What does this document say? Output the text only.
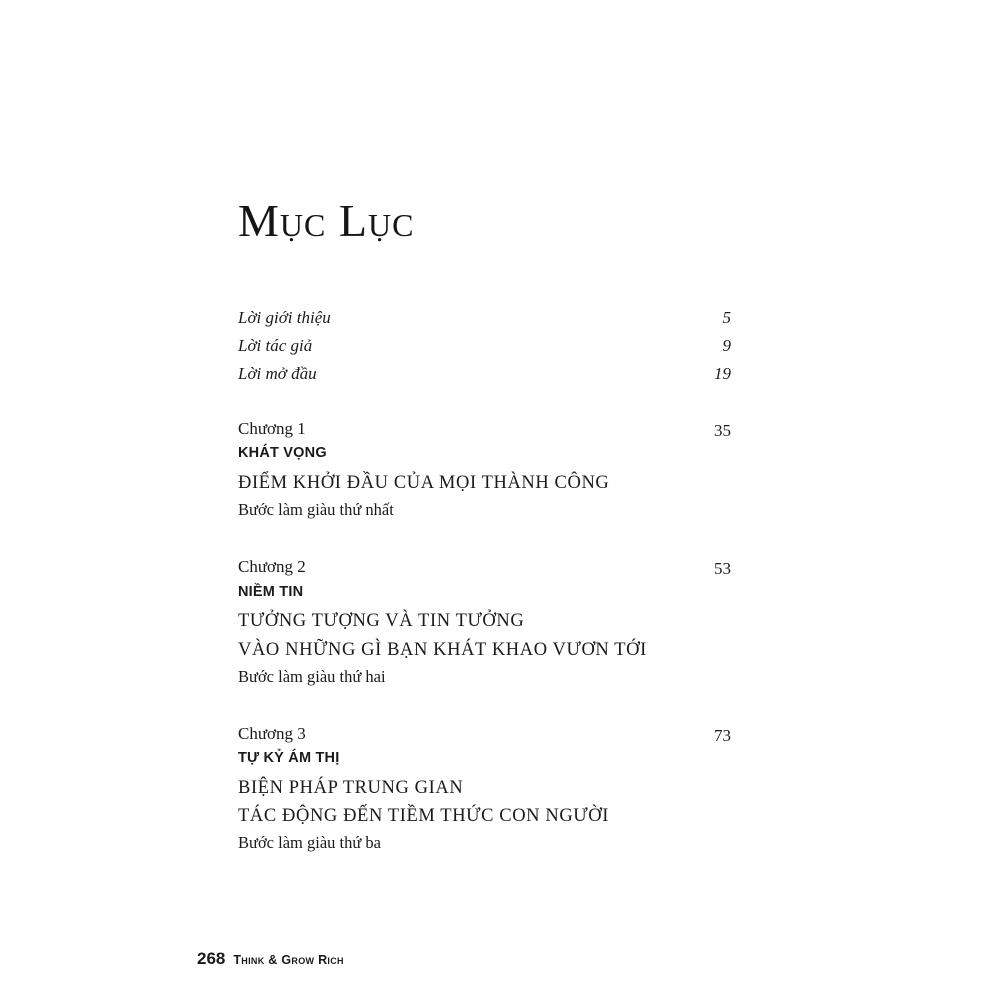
Mục Lục
Lời giới thiệu	5
Lời tác giả	9
Lời mở đầu	19
Chương 1	35
KHÁT VỌNG
ĐIỂM KHỞI ĐẦU CỦA MỌI THÀNH CÔNG
Bước làm giàu thứ nhất
Chương 2	53
NIỀM TIN
TƯỞNG TƯỢNG VÀ TIN TƯỞNG
VÀO NHỮNG GÌ BẠN KHÁT KHAO VƯƠN TỚI
Bước làm giàu thứ hai
Chương 3	73
TỰ KỶ ÁM THỊ
BIỆN PHÁP TRUNG GIAN
TÁC ĐỘNG ĐẾN TIỀM THỨC CON NGƯỜI
Bước làm giàu thứ ba
268 Think & Grow Rich
